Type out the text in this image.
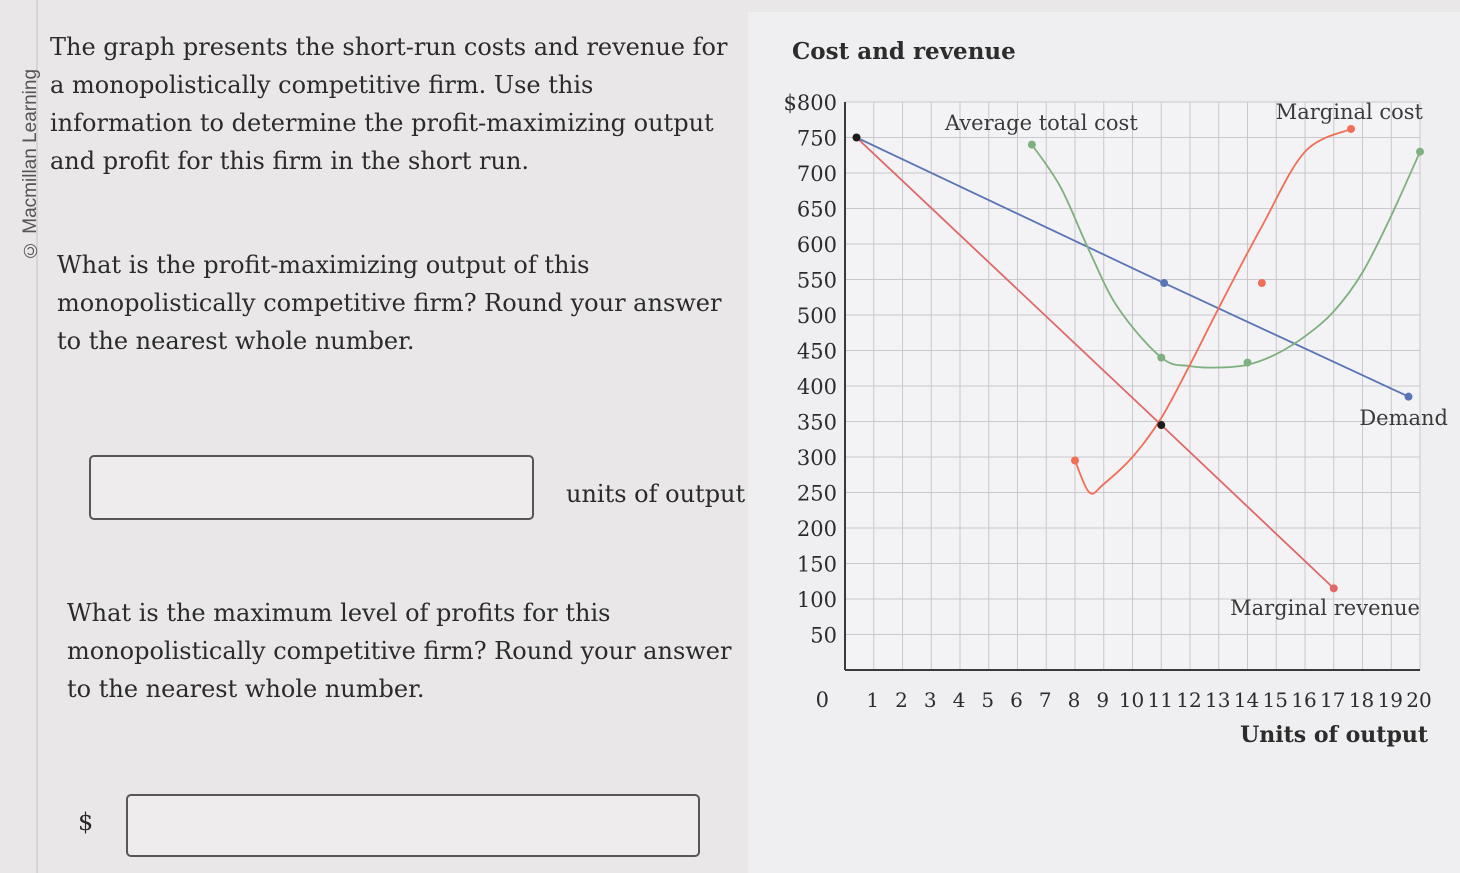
© Macmillan Learning
The graph presents the short-run costs and revenue for a monopolistically competitive firm. Use this information to determine the profit-maximizing output and profit for this firm in the short run.
What is the profit-maximizing output of this monopolistically competitive firm? Round your answer to the nearest whole number.
units of output
What is the maximum level of profits for this monopolistically competitive firm? Round your answer to the nearest whole number.
$
Cost and revenue
$800
750
700
650
600
550
500
450
400
350
300
250
200
150
100
50
0 1 2 3 4 5 6 7 8 9 10 11 12 13 14 15 16 17 18 19 20
Demand
Marginal revenue
Average total cost	Marginal cost
Units of output
